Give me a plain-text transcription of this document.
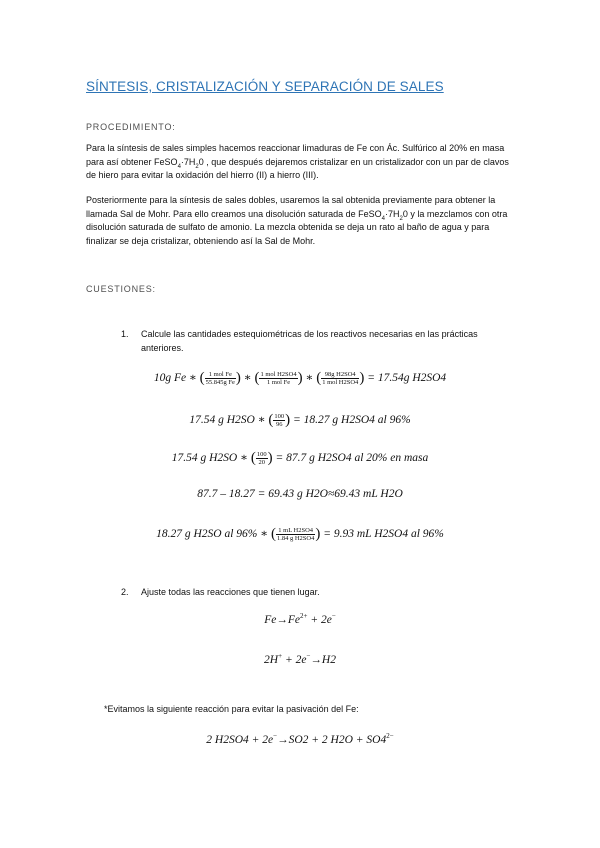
SÍNTESIS, CRISTALIZACIÓN Y SEPARACIÓN DE SALES
PROCEDIMIENTO:
Para la síntesis de sales simples hacemos reaccionar limaduras de Fe con Ác. Sulfúrico al 20% en masa para así obtener $FeSO_4\cdot 7H_20$ , que después dejaremos cristalizar en un cristalizador con un par de clavos de hiero para evitar la oxidación del hierro (II) a hierro (III).
Posteriormente para la síntesis de sales dobles, usaremos la sal obtenida previamente para obtener la llamada Sal de Mohr. Para ello creamos una disolución saturada de $FeSO_4\cdot 7H_20$ y la mezclamos con otra disolución saturada de sulfato de amonio. La mezcla obtenida se deja un rato al baño de agua y para finalizar se deja cristalizar, obteniendo así la Sal de Mohr.
CUESTIONES:
1. Calcule las cantidades estequiométricas de los reactivos necesarias en las prácticas anteriores.
10g Fe ∗ ( $\frac{\text{1 mol Fe}}{\text{55.845g Fe}}$ ) ∗ ( $\frac{\text{1 mol H2SO4}}{\text{1 mol Fe}}$ ) ∗ ( $\frac{\text{98g H2SO4}}{\text{1 mol H2SO4}}$ ) = 17.54g H2SO4
17.54 g H2SO ∗ ( $\frac{100}{96}$ ) = 18.27 g H2SO4 al 96%
17.54 g H2SO ∗ ( $\frac{100}{20}$ ) = 87.7 g H2SO4 al 20% en masa
87.7 – 18.27 = 69.43 g H2O≈69.43 mL H2O
18.27 g H2SO al 96% ∗ ( $\frac{\text{1 mL H2SO4}}{\text{1.84 g H2SO4}}$ ) = 9.93 mL H2SO4 al 96%
2. Ajuste todas las reacciones que tienen lugar.
$Fe\to Fe^{2+} + 2e^-$
2H+ + 2e−→H2
*Evitamos la siguiente reacción para evitar la pasivación del Fe:
2 H2SO4 + 2e−→SO2 + 2 $H2O + SO4^{2-}$
